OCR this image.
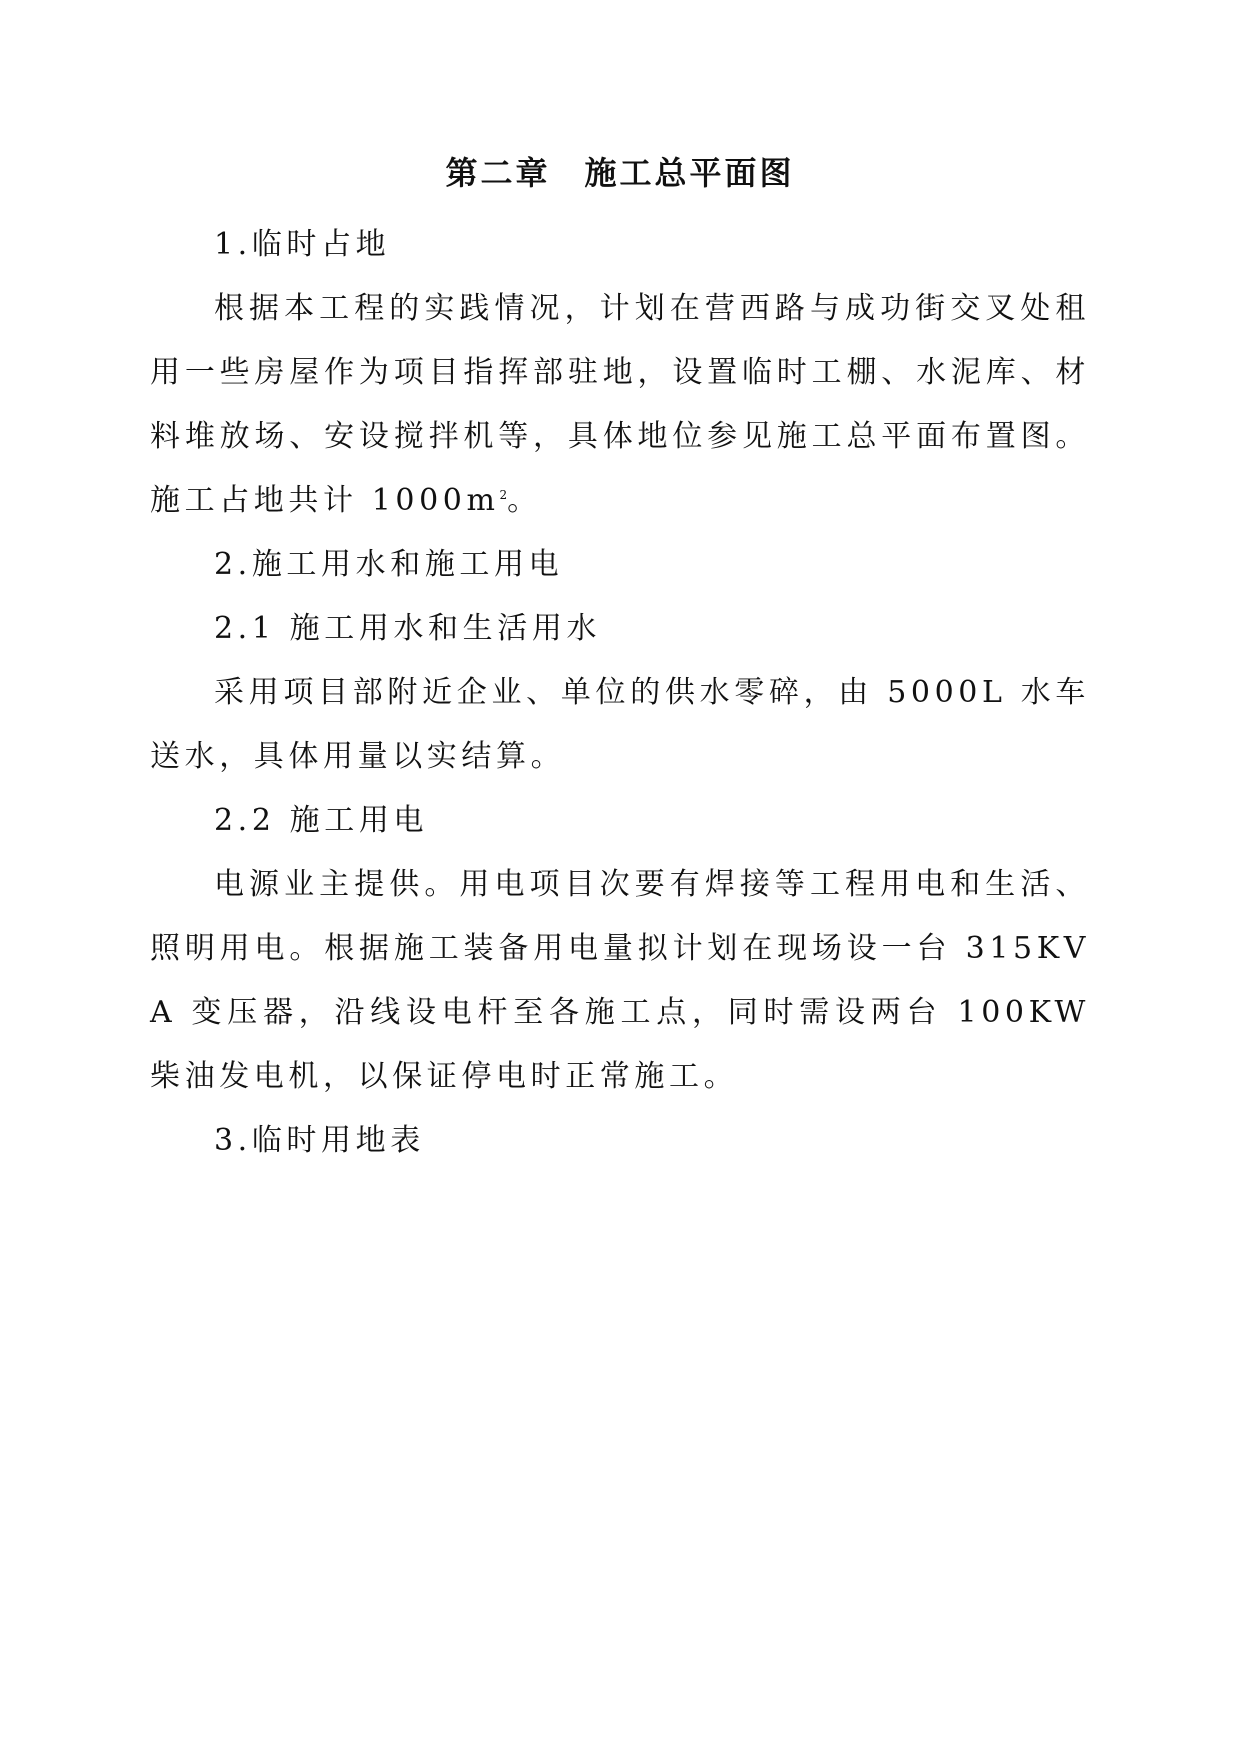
第二章 施工总平面图

1.临时占地

根据本工程的实践情况，计划在营西路与成功街交叉处租用一些房屋作为项目指挥部驻地，设置临时工棚、水泥库、材料堆放场、安设搅拌机等，具体地位参见施工总平面布置图。施工占地共计 $1000m^2$。

2.施工用水和施工用电

2.1 施工用水和生活用水

采用项目部附近企业、单位的供水零碎，由 5000L 水车送水，具体用量以实结算。

2.2 施工用电

电源业主提供。用电项目次要有焊接等工程用电和生活、照明用电。根据施工装备用电量拟计划在现场设一台 315KVA 变压器，沿线设电杆至各施工点，同时需设两台 100KW 柴油发电机，以保证停电时正常施工。

3.临时用地表
